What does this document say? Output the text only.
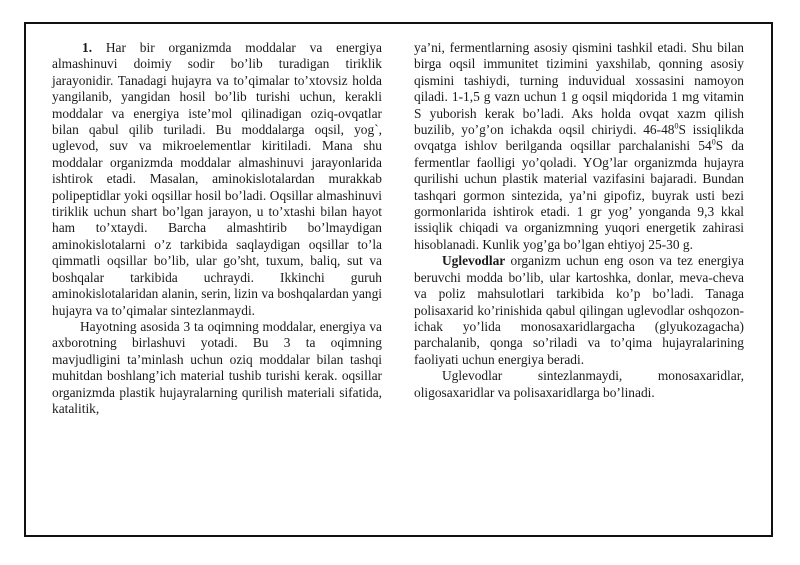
1. Har bir organizmda moddalar va energiya almashinuvi doimiy sodir bo’lib turadigan tiriklik jarayonidir. Tanadagi hujayra va to’qimalar to’xtovsiz holda yangilanib, yangidan hosil bo’lib turishi uchun, kerakli moddalar va energiya iste’mol qilinadigan oziq-ovqatlar bilan qabul qilib turiladi. Bu moddalarga oqsil, yog`, uglevod, suv va mikroelementlar kiritiladi. Mana shu moddalar organizmda moddalar almashinuvi jarayonlarida ishtirok etadi. Masalan, aminokislotalardan murakkab polipeptidlar yoki oqsillar hosil bo’ladi. Oqsillar almashinuvi tiriklik uchun shart bo’lgan jarayon, u to’xtashi bilan hayot ham to’xtaydi. Barcha almashtirib bo’lmaydigan aminokislotalarni o’z tarkibida saqlaydigan oqsillar to’la qimmatli oqsillar bo’lib, ular go’sht, tuxum, baliq, sut va boshqalar tarkibida uchraydi. Ikkinchi guruh aminokislotalaridan alanin, serin, lizin va boshqalardan yangi hujayra va to’qimalar sintezlanmaydi.

Hayotning asosida 3 ta oqimning moddalar, energiya va axborotning birlashuvi yotadi. Bu 3 ta oqimning mavjudligini ta’minlash uchun oziq moddalar bilan tashqi muhitdan boshlang’ich material tushib turishi kerak. oqsillar organizmda plastik hujayralarning qurilish materiali sifatida, katalitik,

ya’ni, fermentlarning asosiy qismini tashkil etadi. Shu bilan birga oqsil immunitet tizimini yaxshilab, qonning asosiy qismini tashiydi, turning induvidual xossasini namoyon qiladi. 1-1,5 g vazn uchun 1 g oqsil miqdorida 1 mg vitamin S yuborish kerak bo’ladi. Aks holda ovqat xazm qilish buzilib, yo’g’on ichakda oqsil chiriydi. $46-48^0S$ issiqlikda ovqatga ishlov berilganda oqsillar parchalanishi $54^0S$ da fermentlar faolligi yo’qoladi. YOg’lar organizmda hujayra qurilishi uchun plastik material vazifasini bajaradi. Bundan tashqari gormon sintezida, ya’ni gipofiz, buyrak usti bezi gormonlarida ishtirok etadi. 1 gr yog’ yonganda 9,3 kkal issiqlik chiqadi va organizmning yuqori energetik zahirasi hisoblanadi. Kunlik yog’ga bo’lgan ehtiyoj 25-30 g.

Uglevodlar organizm uchun eng oson va tez energiya beruvchi modda bo’lib, ular kartoshka, donlar, meva-cheva va poliz mahsulotlari tarkibida ko’p bo’ladi. Tanaga polisaxarid ko’rinishida qabul qilingan uglevodlar oshqozon-ichak yo’lida monosaxaridlargacha (glyukozagacha) parchalanib, qonga so’riladi va to’qima hujayralarining faoliyati uchun energiya beradi.

Uglevodlar sintezlanmaydi, monosaxaridlar, oligosaxaridlar va polisaxaridlarga bo’linadi.
